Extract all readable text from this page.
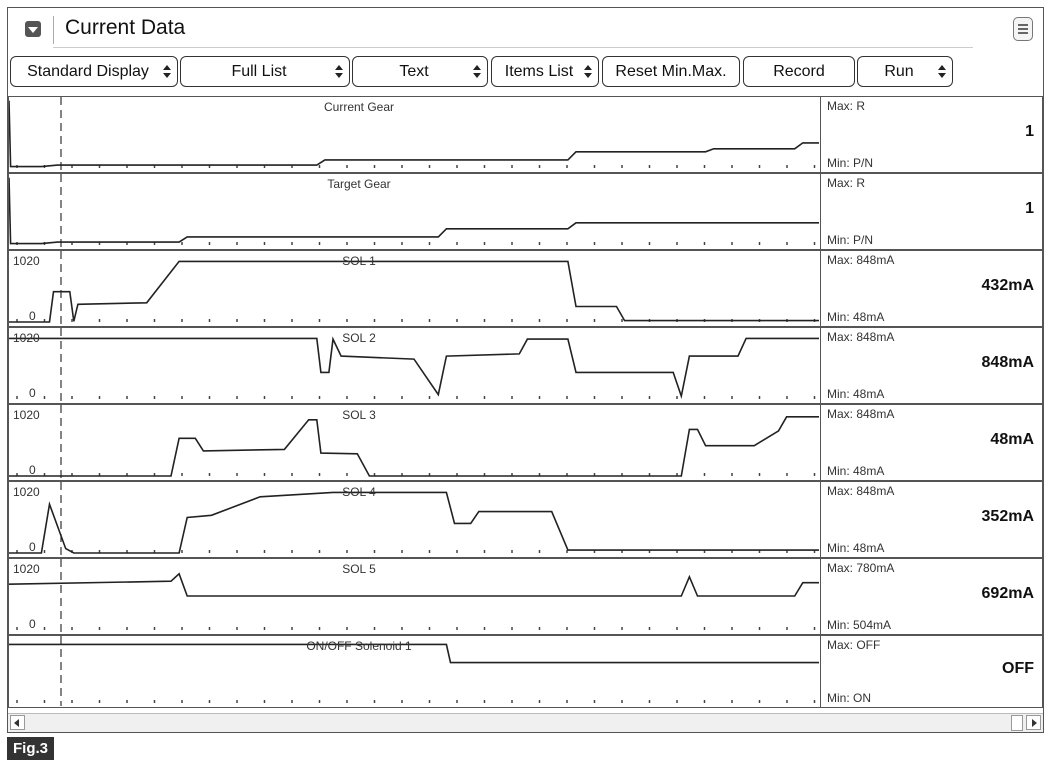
Current Data
Standard Display	Full List	Text	Items List	Reset Min.Max.	Record	Run
Current Gear	Max: R
Min: P/N
1
Target Gear	Max: R
Min: P/N
1
SOL 1
1020
0
Max: 848mA
Min: 48mA
432mA
SOL 2
1020
0
Max: 848mA
Min: 48mA
848mA
SOL 3
1020
0
Max: 848mA
Min: 48mA
48mA
SOL 4
1020
0
Max: 848mA
Min: 48mA
352mA
SOL 5
1020
0
Max: 780mA
Min: 504mA
692mA
ON/OFF Solenoid 1	Max: OFF
Min: ON
OFF
Fig.3
